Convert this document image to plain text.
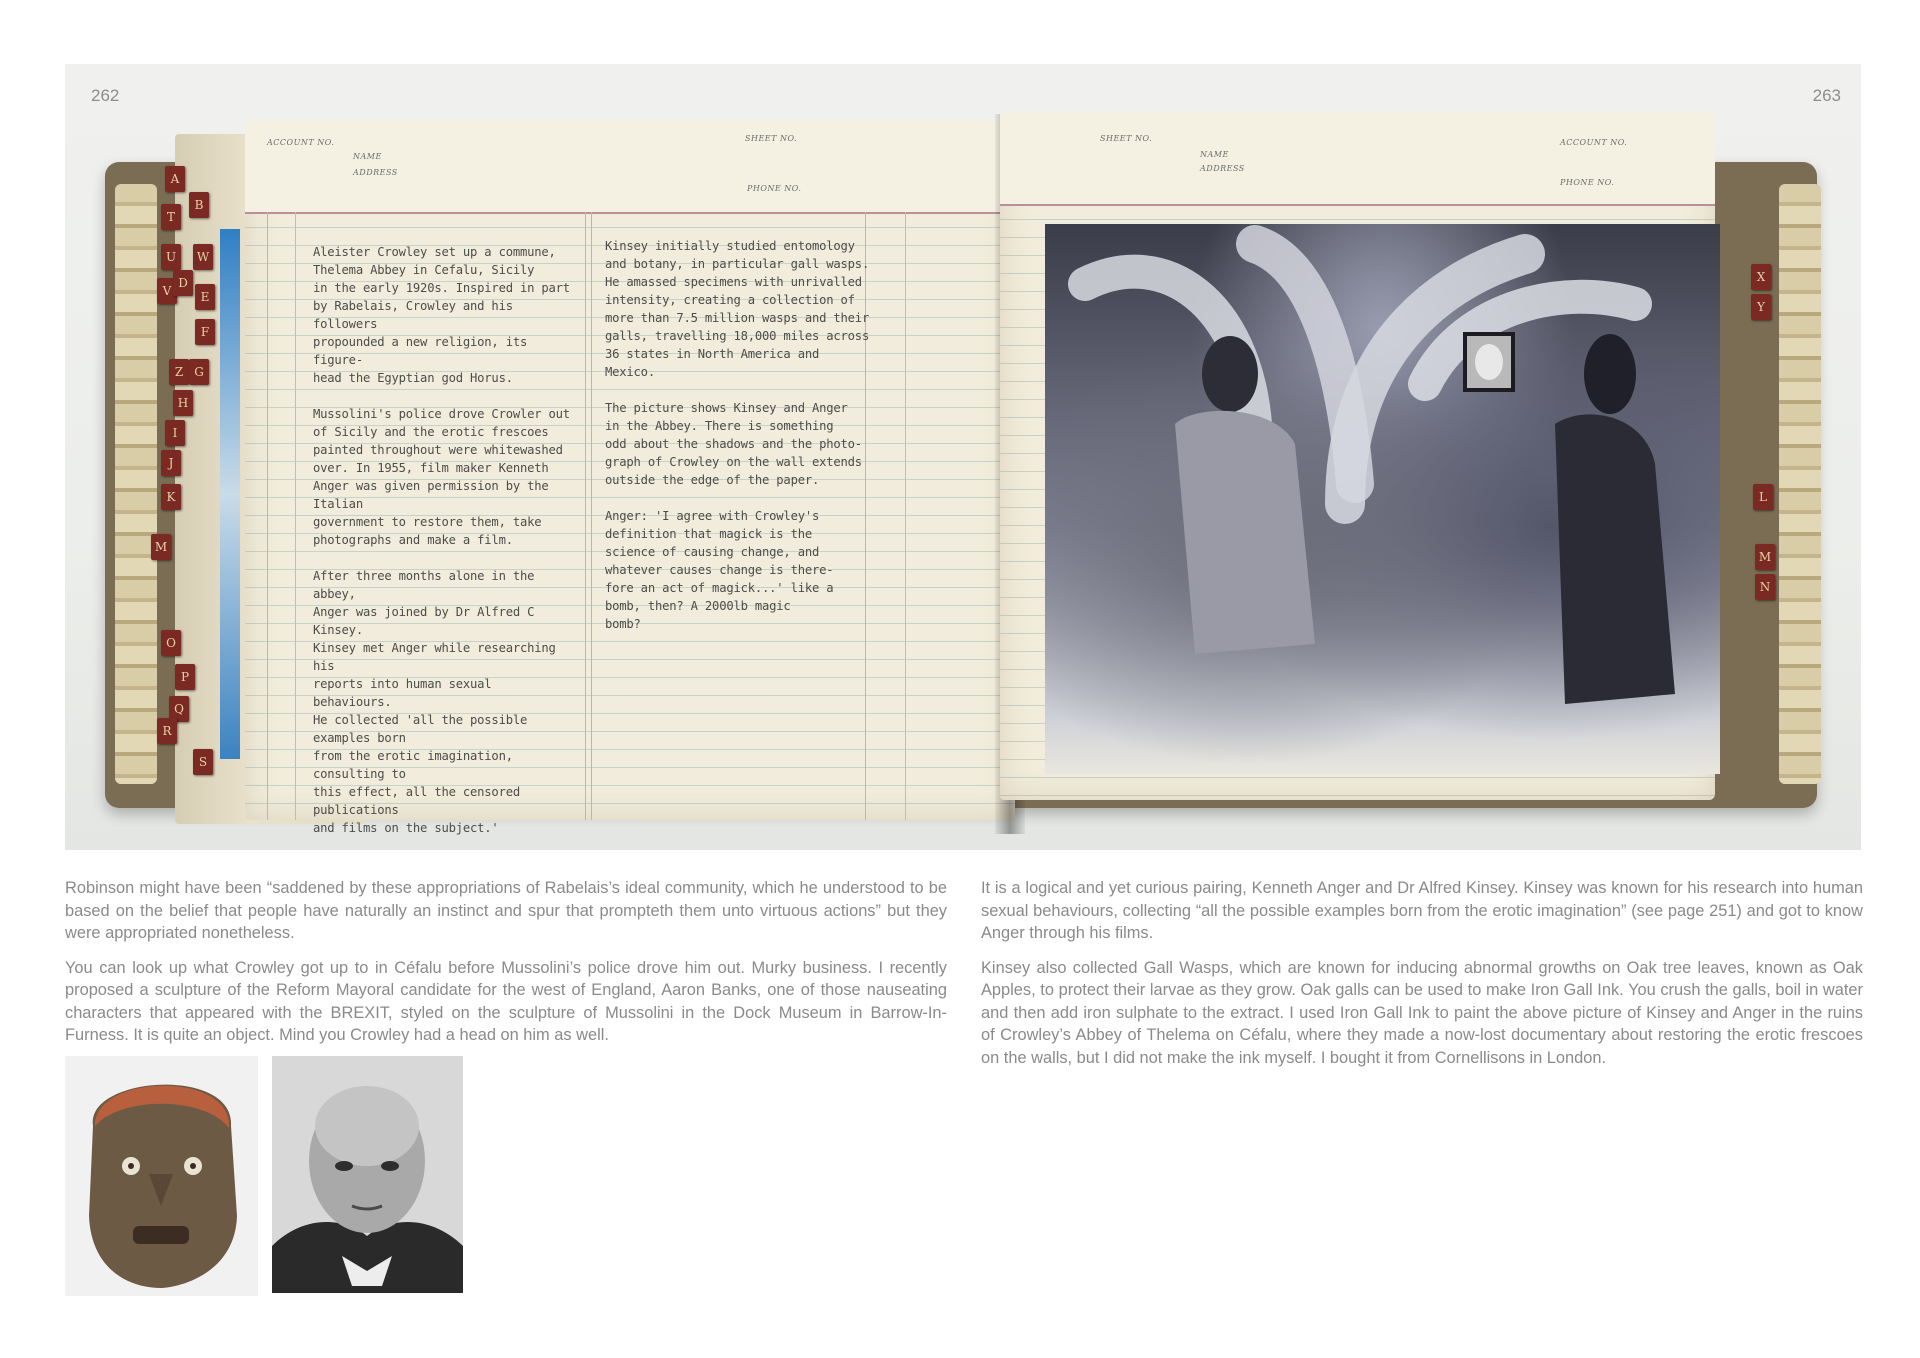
262	263
ACCOUNT NO.	SHEET NO.
NAME
ADDRESS
PHONE NO.
Aleister Crowley set up a commune,
Thelema Abbey in Cefalu, Sicily
in the early 1920s. Inspired in part
by Rabelais, Crowley and his followers
propounded a new religion, its figure-
head the Egyptian god Horus.

Mussolini's police drove Crowler out
of Sicily and the erotic frescoes
painted throughout were whitewashed
over. In 1955, film maker Kenneth
Anger was given permission by the Italian
government to restore them, take
photographs and make a film.

After three months alone in the abbey,
Anger was joined by Dr Alfred C Kinsey.
Kinsey met Anger while researching his
reports into human sexual behaviours.
He collected 'all the possible examples born
from the erotic imagination, consulting to
this effect, all the censored publications
and films on the subject.'
Kinsey initially studied entomology
and botany, in particular gall wasps.
He amassed specimens with unrivalled
intensity, creating a collection of
more than 7.5 million wasps and their
galls, travelling 18,000 miles across
36 states in North America and Mexico.

The picture shows Kinsey and Anger
in the Abbey. There is something
odd about the shadows and the photo-
graph of Crowley on the wall extends
outside the edge of the paper.

Anger: 'I agree with Crowley's
definition that magick is the
science of causing change, and
whatever causes change is there-
fore an act of magick...' like a
bomb, then? A 2000lb magic
bomb?
SHEET NO.	ACCOUNT NO.
NAME
ADDRESS
PHONE NO.
A
T
B
U	W
V
D
E
F
Z G
H
I
J
K
M
O
P
Q
R
S
X
Y
L
M
N

Robinson might have been “saddened by these appropriations of Rabelais’s ideal community, which he understood to be based on the belief that people have naturally an instinct and spur that prompteth them unto virtuous actions” but they were appropriated nonetheless.

You can look up what Crowley got up to in Céfalu before Mussolini’s police drove him out. Murky business. I recently proposed a sculpture of the Reform Mayoral candidate for the west of England, Aaron Banks, one of those nauseating characters that appeared with the BREXIT, styled on the sculpture of Mussolini in the Dock Museum in Barrow-In-Furness. It is quite an object. Mind you Crowley had a head on him as well.

It is a logical and yet curious pairing, Kenneth Anger and Dr Alfred Kinsey. Kinsey was known for his research into human sexual behaviours, collecting “all the possible examples born from the erotic imagination” (see page 251) and got to know Anger through his films.

Kinsey also collected Gall Wasps, which are known for inducing abnormal growths on Oak tree leaves, known as Oak Apples, to protect their larvae as they grow. Oak galls can be used to make Iron Gall Ink. You crush the galls, boil in water and then add iron sulphate to the extract. I used Iron Gall Ink to paint the above picture of Kinsey and Anger in the ruins of Crowley’s Abbey of Thelema on Céfalu, where they made a now-lost documentary about restoring the erotic frescoes on the walls, but I did not make the ink myself. I bought it from Cornellisons in London.
